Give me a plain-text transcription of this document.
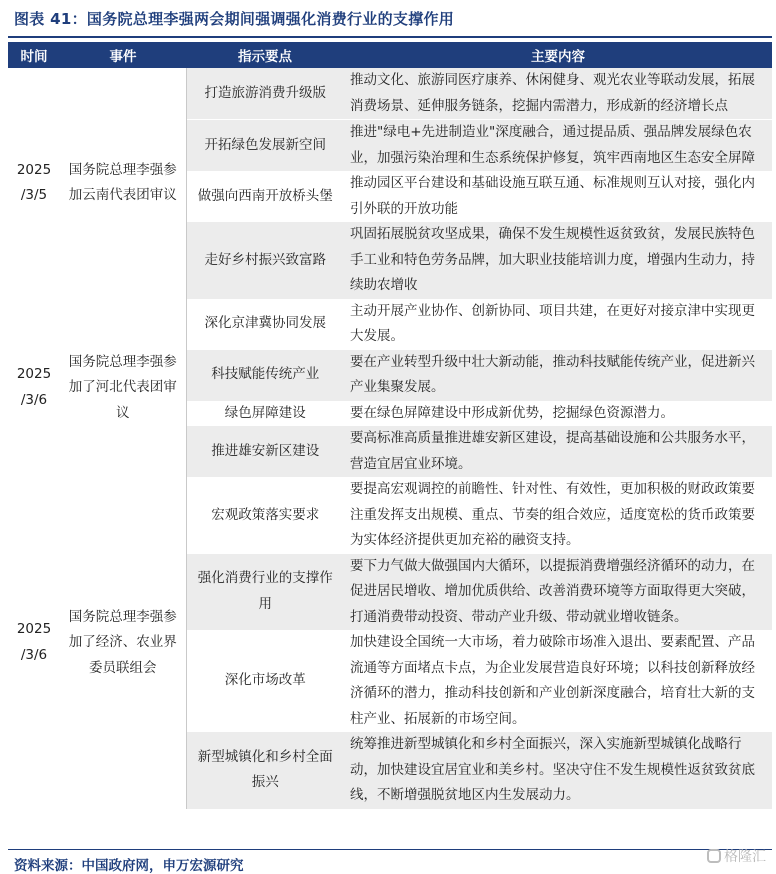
图表 41：国务院总理李强两会期间强调强化消费行业的支撑作用
时间	事件	指示要点	主要内容
2025
/3/5	国务院总理李强参加云南代表团审议	打造旅游消费升级版	推动文化、旅游同医疗康养、休闲健身、观光农业等联动发展，拓展消费场景、延伸服务链条，挖掘内需潜力，形成新的经济增长点
		开拓绿色发展新空间	推进"绿电+先进制造业"深度融合，通过提品质、强品牌发展绿色农业，加强污染治理和生态系统保护修复，筑牢西南地区生态安全屏障
		做强向西南开放桥头堡	推动园区平台建设和基础设施互联互通、标准规则互认对接，强化内引外联的开放功能
		走好乡村振兴致富路	巩固拓展脱贫攻坚成果，确保不发生规模性返贫致贫，发展民族特色手工业和特色劳务品牌，加大职业技能培训力度，增强内生动力，持续助农增收
2025
/3/6	国务院总理李强参加了河北代表团审议	深化京津冀协同发展	主动开展产业协作、创新协同、项目共建，在更好对接京津中实现更大发展。
		科技赋能传统产业	要在产业转型升级中壮大新动能，推动科技赋能传统产业，促进新兴产业集聚发展。
		绿色屏障建设	要在绿色屏障建设中形成新优势，挖掘绿色资源潜力。
		推进雄安新区建设	要高标准高质量推进雄安新区建设，提高基础设施和公共服务水平，营造宜居宜业环境。
2025
/3/6	国务院总理李强参加了经济、农业界委员联组会	宏观政策落实要求	要提高宏观调控的前瞻性、针对性、有效性，更加积极的财政政策要注重发挥支出规模、重点、节奏的组合效应，适度宽松的货币政策要为实体经济提供更加充裕的融资支持。
		强化消费行业的支撑作用	要下力气做大做强国内大循环，以提振消费增强经济循环的动力，在促进居民增收、增加优质供给、改善消费环境等方面取得更大突破，打通消费带动投资、带动产业升级、带动就业增收链条。
		深化市场改革	加快建设全国统一大市场，着力破除市场准入退出、要素配置、产品流通等方面堵点卡点，为企业发展营造良好环境；以科技创新释放经济循环的潜力，推动科技创新和产业创新深度融合，培育壮大新的支柱产业、拓展新的市场空间。
		新型城镇化和乡村全面振兴	统筹推进新型城镇化和乡村全面振兴，深入实施新型城镇化战略行动，加快建设宜居宜业和美乡村。坚决守住不发生规模性返贫致贫底线，不断增强脱贫地区内生发展动力。
资料来源：中国政府网，申万宏源研究
格隆汇
